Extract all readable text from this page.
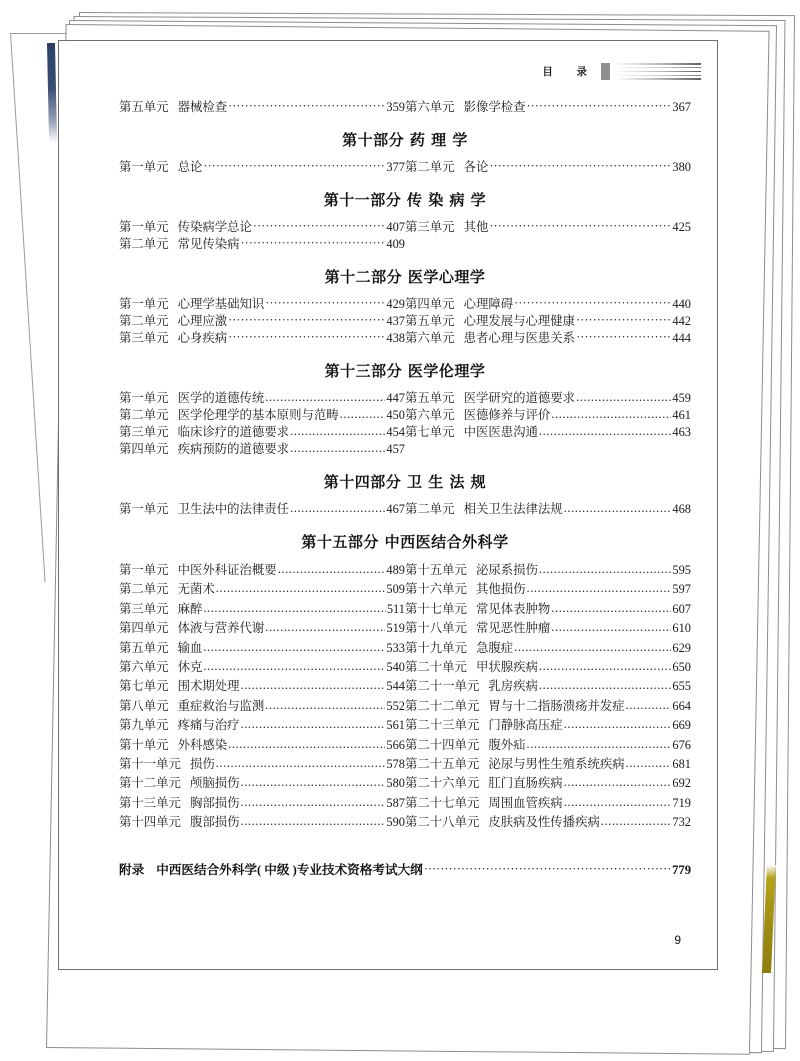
目 录
第五单元 器械检查 ·····	359 第六单元 影像学检查 ·····	367
第十部分 药 理 学
第一单元 总论 ·····	377 第二单元 各论 ·····	380
第十一部分 传 染 病 学
第一单元 传染病学总论 ·····	407 第三单元 其他 ·····	425
第二单元 常见传染病 ·····	409
第十二部分 医学心理学
第一单元 心理学基础知识 ·····	429 第四单元 心理障碍 ·····	440
第二单元 心理应激 ·····	437 第五单元 心理发展与心理健康 ·····	442
第三单元 心身疾病 ·····	438 第六单元 患者心理与医患关系 ·····	444
第十三部分 医学伦理学
第一单元 医学的道德传统 .....	447 第五单元 医学研究的道德要求 .....	459
第二单元 医学伦理学的基本原则与范畴 .....	450 第六单元 医德修养与评价 .....	461
第三单元 临床诊疗的道德要求 .....	454 第七单元 中医医患沟通 .....	463
第四单元 疾病预防的道德要求 .....	457
第十四部分 卫 生 法 规
第一单元 卫生法中的法律责任 .....	467 第二单元 相关卫生法律法规 .....	468
第十五部分 中西医结合外科学
第一单元 中医外科证治概要 .....	489 第十五单元 泌尿系损伤 .....	595
第二单元 无菌术 .....	509 第十六单元 其他损伤 .....	597
第三单元 麻醉 .....	511 第十七单元 常见体表肿物 .....	607
第四单元 体液与营养代谢 .....	519 第十八单元 常见恶性肿瘤 .....	610
第五单元 输血 .....	533 第十九单元 急腹症 .....	629
第六单元 休克 .....	540 第二十单元 甲状腺疾病 .....	650
第七单元 围术期处理 .....	544 第二十一单元 乳房疾病 .....	655
第八单元 重症救治与监测 .....	552 第二十二单元 胃与十二指肠溃疡并发症 .....	664
第九单元 疼痛与治疗 .....	561 第二十三单元 门静脉高压症 .....	669
第十单元 外科感染 .....	566 第二十四单元 腹外疝 .....	676
第十一单元 损伤 .....	578 第二十五单元 泌尿与男性生殖系统疾病 .....	681
第十二单元 颅脑损伤 .....	580 第二十六单元 肛门直肠疾病 .....	692
第十三单元 胸部损伤 .....	587 第二十七单元 周围血管疾病 .....	719
第十四单元 腹部损伤 .....	590 第二十八单元 皮肤病及性传播疾病 .....	732
附录 中西医结合外科学( 中级 )专业技术资格考试大纲 ·····	779
9
